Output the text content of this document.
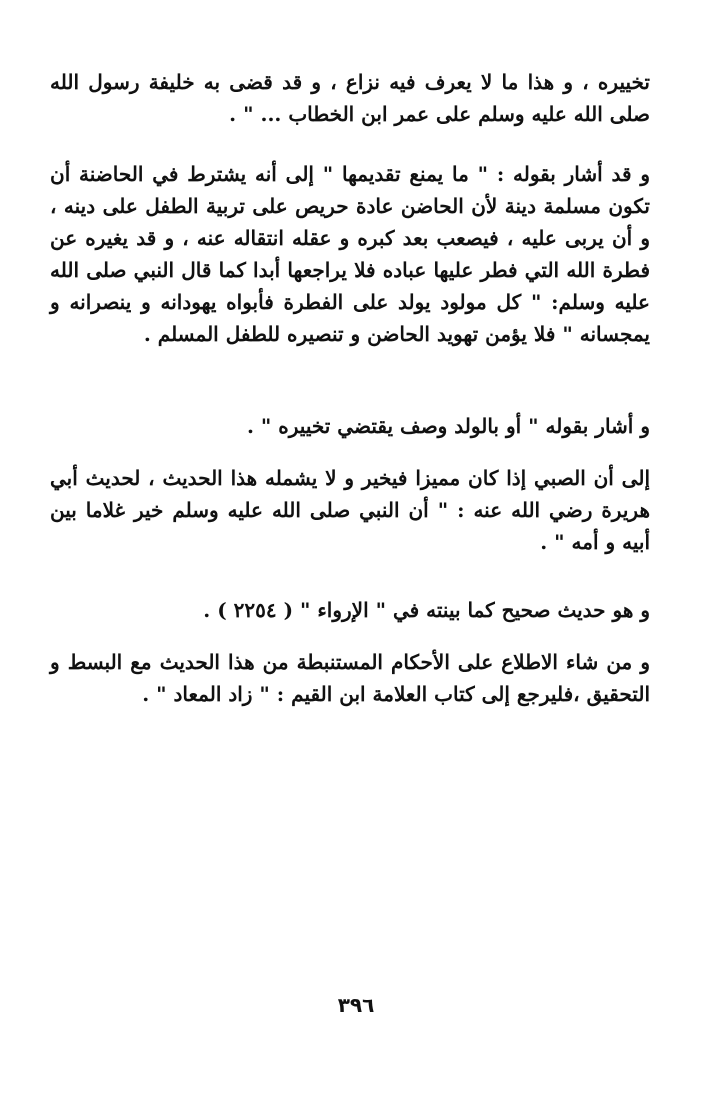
تخييره ، و هذا ما لا يعرف فيه نزاع ، و قد قضى به خليفة رسول الله صلى الله عليه وسلم على عمر ابن الخطاب ... " .

و قد أشار بقوله : " ما يمنع تقديمها " إلى أنه يشترط في الحاضنة أن تكون مسلمة دينة لأن الحاضن عادة حريص على تربية الطفل على دينه ، و أن يربى عليه ، فيصعب بعد كبره و عقله انتقاله عنه ، و قد يغيره عن فطرة الله التي فطر عليها عباده فلا يراجعها أبدا كما قال النبي صلى الله عليه وسلم: " كل مولود يولد على الفطرة فأبواه يهودانه و ينصرانه و يمجسانه " فلا يؤمن تهويد الحاضن و تنصيره للطفل المسلم .

و أشار بقوله " أو بالولد وصف يقتضي تخييره " .

إلى أن الصبي إذا كان مميزا فيخير و لا يشمله هذا الحديث ، لحديث أبي هريرة رضي الله عنه : " أن النبي صلى الله عليه وسلم خير غلاما بين أبيه و أمه " .

و هو حديث صحيح كما بينته في " الإرواء " ( ٢٢٥٤ ) .

و من شاء الاطلاع على الأحكام المستنبطة من هذا الحديث مع البسط و التحقيق ،فليرجع إلى كتاب العلامة ابن القيم : " زاد المعاد " .

٣٩٦
